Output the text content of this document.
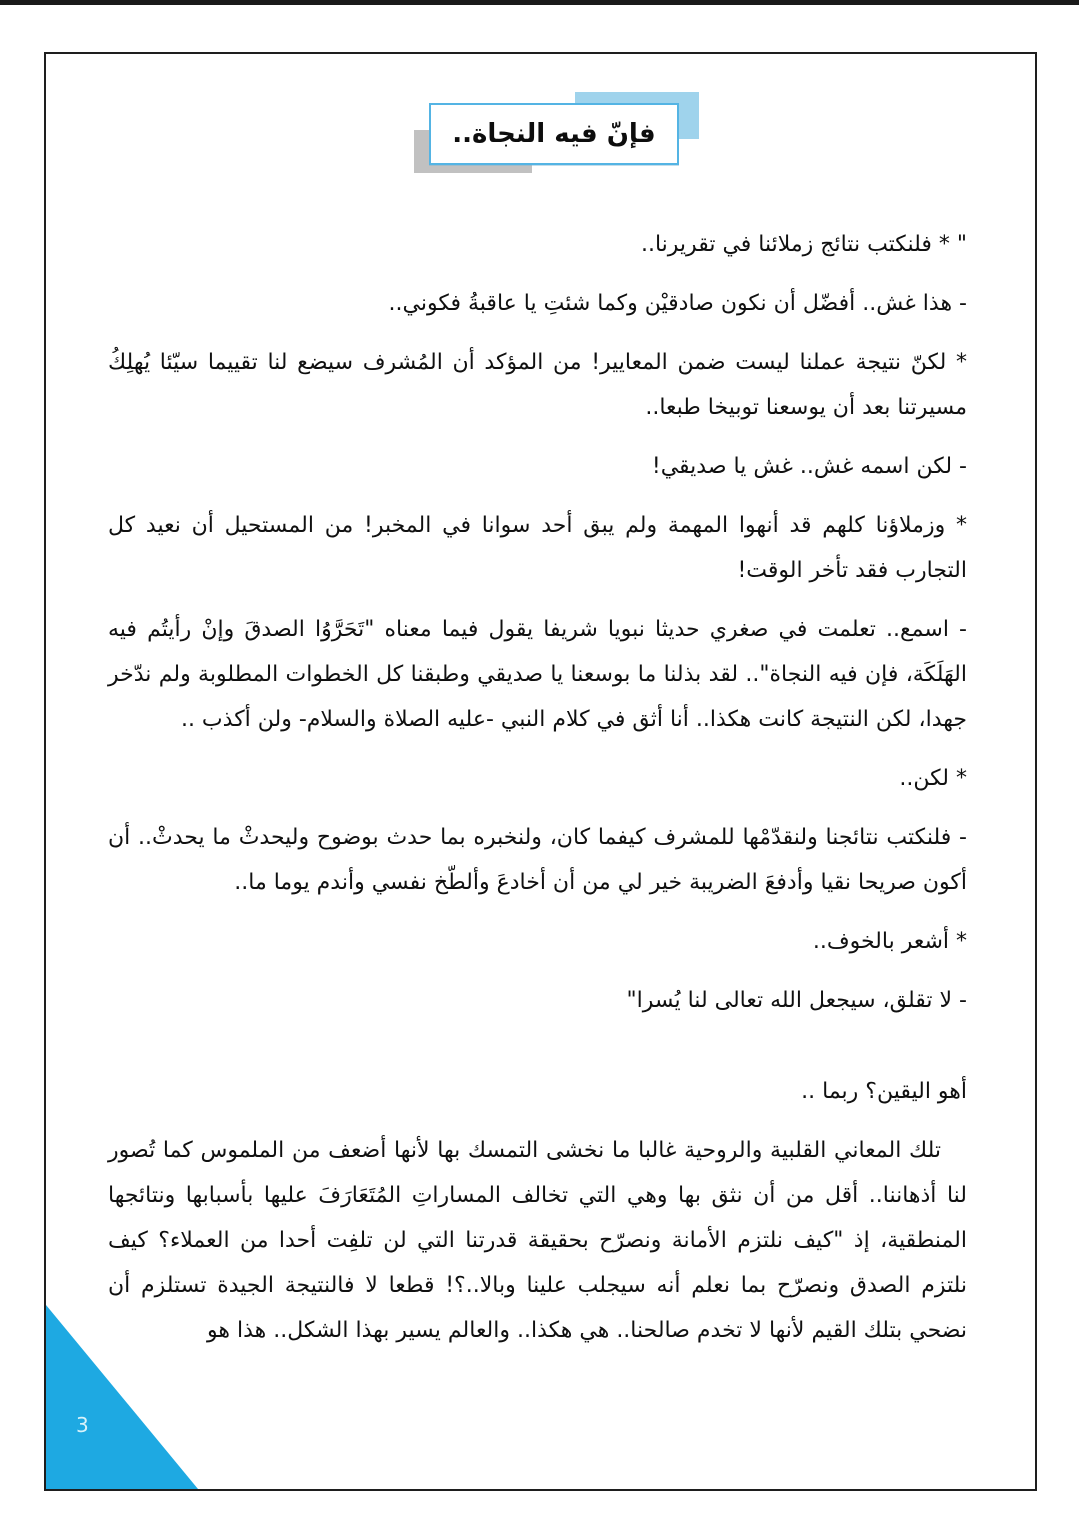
فإنّ فيه النجاة..

" * فلنكتب نتائج زملائنا في تقريرنا..

- هذا غش.. أفضّل أن نكون صادقيْن وكما شئتِ يا عاقبةُ فكوني..

* لكنّ نتيجة عملنا ليست ضمن المعايير! من المؤكد أن المُشرف سيضع لنا تقييما سيّئا يُهلِكُ مسيرتنا بعد أن يوسعنا توبيخا طبعا..

- لكن اسمه غش.. غش يا صديقي!

* وزملاؤنا كلهم قد أنهوا المهمة ولم يبق أحد سوانا في المخبر! من المستحيل أن نعيد كل التجارب فقد تأخر الوقت!

- اسمع.. تعلمت في صغري حديثا نبويا شريفا يقول فيما معناه "تَحَرَّوُا الصدقَ وإنْ رأيتُم فيه الهَلَكَة، فإن فيه النجاة".. لقد بذلنا ما بوسعنا يا صديقي وطبقنا كل الخطوات المطلوبة ولم ندّخر جهدا، لكن النتيجة كانت هكذا.. أنا أثق في كلام النبي -عليه الصلاة والسلام- ولن أكذب ..

* لكن..

- فلنكتب نتائجنا ولنقدّمْها للمشرف كيفما كان، ولنخبره بما حدث بوضوح وليحدثْ ما يحدثْ.. أن أكون صريحا نقيا وأدفعَ الضريبة خير لي من أن أخادعَ وألطّخ نفسي وأندم يوما ما..

* أشعر بالخوف..

- لا تقلق، سيجعل الله تعالى لنا يُسرا"

أهو اليقين؟ ربما ..

تلك المعاني القلبية والروحية غالبا ما نخشى التمسك بها لأنها أضعف من الملموس كما تُصور لنا أذهاننا.. أقل من أن نثق بها وهي التي تخالف المساراتِ المُتَعَارَفَ عليها بأسبابها ونتائجها المنطقية، إذ "كيف نلتزم الأمانة ونصرّح بحقيقة قدرتنا التي لن تلفِت أحدا من العملاء؟ كيف نلتزم الصدق ونصرّح بما نعلم أنه سيجلب علينا وبالا..؟! قطعا لا فالنتيجة الجيدة تستلزم أن نضحي بتلك القيم لأنها لا تخدم صالحنا.. هي هكذا.. والعالم يسير بهذا الشكل.. هذا هو

3
